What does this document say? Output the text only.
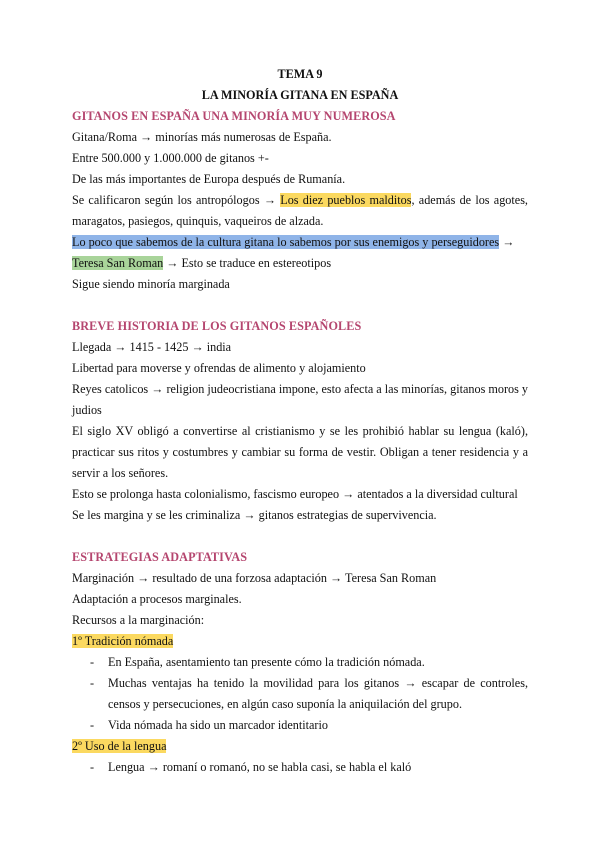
TEMA 9
LA MINORÍA GITANA EN ESPAÑA
GITANOS EN ESPAÑA UNA MINORÍA MUY NUMEROSA

Gitana/Roma → minorías más numerosas de España.

Entre 500.000 y 1.000.000 de gitanos +-

De las más importantes de Europa después de Rumanía.

Se calificaron según los antropólogos → Los diez pueblos malditos, además de los agotes, maragatos, pasiegos, quinquis, vaqueiros de alzada.

Lo poco que sabemos de la cultura gitana lo sabemos por sus enemigos y perseguidores →

Teresa San Roman → Esto se traduce en estereotipos

Sigue siendo minoría marginada

BREVE HISTORIA DE LOS GITANOS ESPAÑOLES

Llegada → 1415 - 1425 → india

Libertad para moverse y ofrendas de alimento y alojamiento

Reyes catolicos → religion judeocristiana impone, esto afecta a las minorías, gitanos moros y judios

El siglo XV obligó a convertirse al cristianismo y se les prohibió hablar su lengua (kaló), practicar sus ritos y costumbres y cambiar su forma de vestir. Obligan a tener residencia y a servir a los señores.

Esto se prolonga hasta colonialismo, fascismo europeo → atentados a la diversidad cultural

Se les margina y se les criminaliza → gitanos estrategias de supervivencia.

ESTRATEGIAS ADAPTATIVAS

Marginación → resultado de una forzosa adaptación → Teresa San Roman

Adaptación a procesos marginales.

Recursos a la marginación:

1º Tradición nómada

- En España, asentamiento tan presente cómo la tradición nómada.
- Muchas ventajas ha tenido la movilidad para los gitanos → escapar de controles, censos y persecuciones, en algún caso suponía la aniquilación del grupo.
- Vida nómada ha sido un marcador identitario

2º Uso de la lengua

- Lengua → romaní o romanó, no se habla casi, se habla el kaló
